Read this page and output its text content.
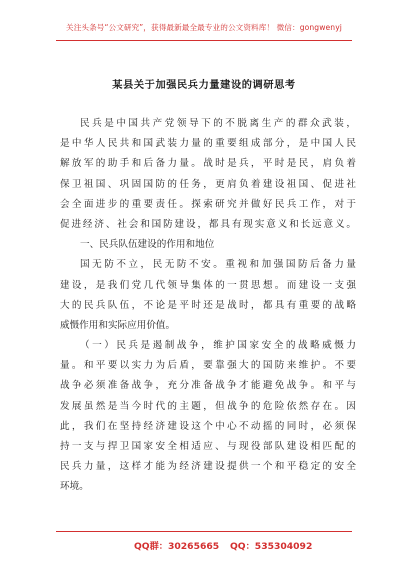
关注头条号“公文研究”，获得最新最全最专业的公文资料库！ 微信：gongwenyj
某县关于加强民兵力量建设的调研思考
民兵是中国共产党领导下的不脱离生产的群众武装，
是中华人民共和国武装力量的重要组成部分，是中国人民
解放军的助手和后备力量。战时是兵，平时是民，肩负着
保卫祖国、巩固国防的任务，更肩负着建设祖国、促进社
会全面进步的重要责任。探索研究并做好民兵工作，对于
促进经济、社会和国防建设，都具有现实意义和长远意义。
一、民兵队伍建设的作用和地位
国无防不立，民无防不安。重视和加强国防后备力量
建设，是我们党几代领导集体的一贯思想。而建设一支强
大的民兵队伍，不论是平时还是战时，都具有重要的战略
威慑作用和实际应用价值。
（一）民兵是遏制战争，维护国家安全的战略威慑力
量。和平要以实力为后盾，要靠强大的国防来维护。不要
战争必须准备战争，充分准备战争才能避免战争。和平与
发展虽然是当今时代的主题，但战争的危险依然存在。因
此，我们在坚持经济建设这个中心不动摇的同时，必须保
持一支与捍卫国家安全相适应、与现役部队建设相匹配的
民兵力量，这样才能为经济建设提供一个和平稳定的安全
环境。
QQ群：30265665 QQ：535304092
